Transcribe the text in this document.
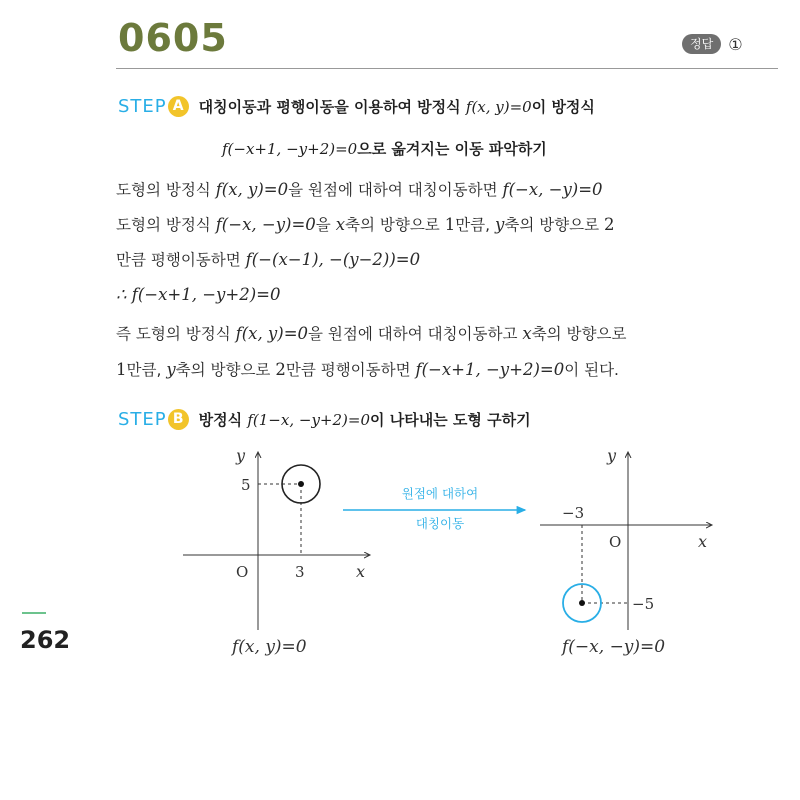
0605	정답 ①
STEP A	대칭이동과 평행이동을 이용하여 방정식 f(x, y)=0이 방정식
f(−x+1, −y+2)=0으로 옮겨지는 이동 파악하기
도형의 방정식 f(x, y)=0을 원점에 대하여 대칭이동하면 f(−x, −y)=0
도형의 방정식 f(−x, −y)=0을 x축의 방향으로 1만큼, y축의 방향으로 2
만큼 평행이동하면 f(−(x−1), −(y−2))=0
∴ f(−x+1, −y+2)=0
즉 도형의 방정식 f(x, y)=0을 원점에 대하여 대칭이동하고 x축의 방향으로
1만큼, y축의 방향으로 2만큼 평행이동하면 f(−x+1, −y+2)=0이 된다.
STEP B	방정식 f(1−x, −y+2)=0이 나타내는 도형 구하기
y
x
O
5
3
f(x, y)=0
원점에 대하여
대칭이동
y
x
O
−3
−5
f(−x, −y)=0
262
